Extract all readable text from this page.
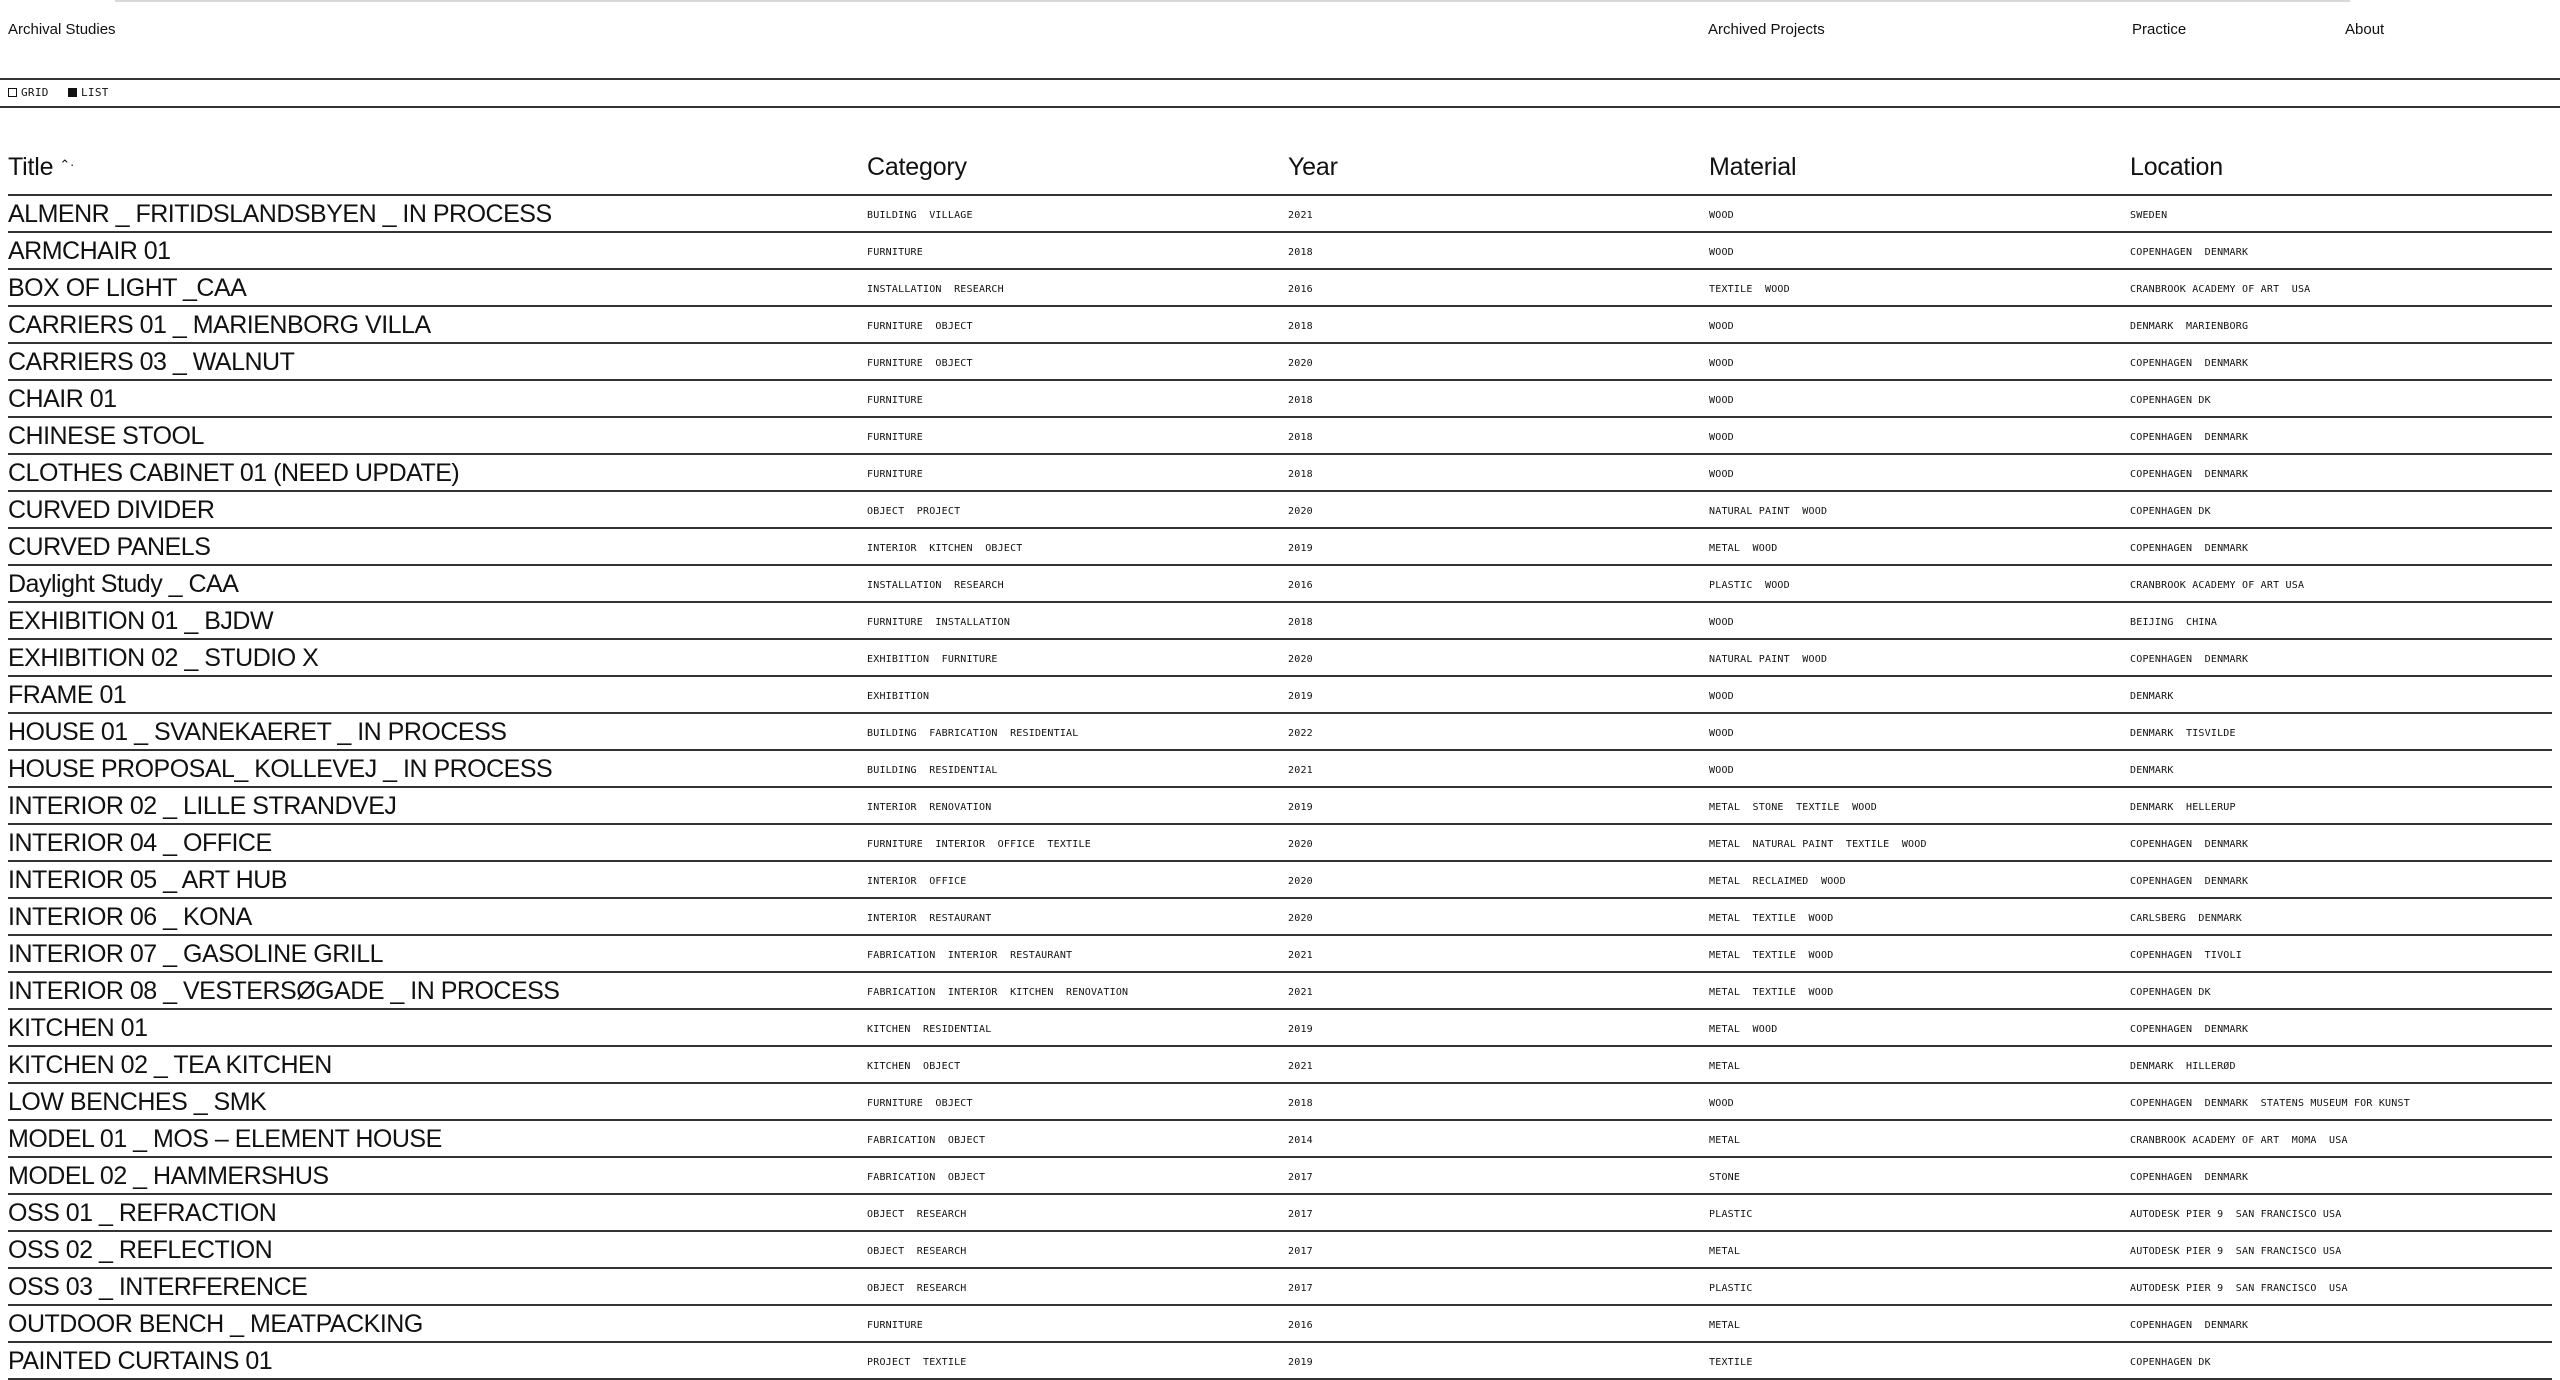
Archival Studies	Archived Projects	Practice	About
GRID	LIST
Title ⌃·	Category	Year	Material	Location
ALMENR _ FRITIDSLANDSBYEN _ IN PROCESS	BUILDING  VILLAGE	2021	WOOD	SWEDEN
ARMCHAIR 01	FURNITURE	2018	WOOD	COPENHAGEN  DENMARK
BOX OF LIGHT _CAA	INSTALLATION  RESEARCH	2016	TEXTILE  WOOD	CRANBROOK ACADEMY OF ART  USA
CARRIERS 01 _ MARIENBORG VILLA	FURNITURE  OBJECT	2018	WOOD	DENMARK  MARIENBORG
CARRIERS 03 _ WALNUT	FURNITURE  OBJECT	2020	WOOD	COPENHAGEN  DENMARK
CHAIR 01	FURNITURE	2018	WOOD	COPENHAGEN DK
CHINESE STOOL	FURNITURE	2018	WOOD	COPENHAGEN  DENMARK
CLOTHES CABINET 01 (NEED UPDATE)	FURNITURE	2018	WOOD	COPENHAGEN  DENMARK
CURVED DIVIDER	OBJECT  PROJECT	2020	NATURAL PAINT  WOOD	COPENHAGEN DK
CURVED PANELS	INTERIOR  KITCHEN  OBJECT	2019	METAL  WOOD	COPENHAGEN  DENMARK
Daylight Study _ CAA	INSTALLATION  RESEARCH	2016	PLASTIC  WOOD	CRANBROOK ACADEMY OF ART USA
EXHIBITION 01 _ BJDW	FURNITURE  INSTALLATION	2018	WOOD	BEIJING  CHINA
EXHIBITION 02 _ STUDIO X	EXHIBITION  FURNITURE	2020	NATURAL PAINT  WOOD	COPENHAGEN  DENMARK
FRAME 01	EXHIBITION	2019	WOOD	DENMARK
HOUSE 01 _ SVANEKAERET _ IN PROCESS	BUILDING  FABRICATION  RESIDENTIAL	2022	WOOD	DENMARK  TISVILDE
HOUSE PROPOSAL_ KOLLEVEJ _ IN PROCESS	BUILDING  RESIDENTIAL	2021	WOOD	DENMARK
INTERIOR 02 _ LILLE STRANDVEJ	INTERIOR  RENOVATION	2019	METAL  STONE  TEXTILE  WOOD	DENMARK  HELLERUP
INTERIOR 04 _ OFFICE	FURNITURE  INTERIOR  OFFICE  TEXTILE	2020	METAL  NATURAL PAINT  TEXTILE  WOOD	COPENHAGEN  DENMARK
INTERIOR 05 _ ART HUB	INTERIOR  OFFICE	2020	METAL  RECLAIMED  WOOD	COPENHAGEN  DENMARK
INTERIOR 06 _ KONA	INTERIOR  RESTAURANT	2020	METAL  TEXTILE  WOOD	CARLSBERG  DENMARK
INTERIOR 07 _ GASOLINE GRILL	FABRICATION  INTERIOR  RESTAURANT	2021	METAL  TEXTILE  WOOD	COPENHAGEN  TIVOLI
INTERIOR 08 _ VESTERSØGADE _ IN PROCESS	FABRICATION  INTERIOR  KITCHEN  RENOVATION	2021	METAL  TEXTILE  WOOD	COPENHAGEN DK
KITCHEN 01	KITCHEN  RESIDENTIAL	2019	METAL  WOOD	COPENHAGEN  DENMARK
KITCHEN 02 _ TEA KITCHEN	KITCHEN  OBJECT	2021	METAL	DENMARK  HILLERØD
LOW BENCHES _ SMK	FURNITURE  OBJECT	2018	WOOD	COPENHAGEN  DENMARK  STATENS MUSEUM FOR KUNST
MODEL 01 _ MOS – ELEMENT HOUSE	FABRICATION  OBJECT	2014	METAL	CRANBROOK ACADEMY OF ART  MOMA  USA
MODEL 02 _ HAMMERSHUS	FABRICATION  OBJECT	2017	STONE	COPENHAGEN  DENMARK
OSS 01 _ REFRACTION	OBJECT  RESEARCH	2017	PLASTIC	AUTODESK PIER 9  SAN FRANCISCO USA
OSS 02 _ REFLECTION	OBJECT  RESEARCH	2017	METAL	AUTODESK PIER 9  SAN FRANCISCO USA
OSS 03 _ INTERFERENCE	OBJECT  RESEARCH	2017	PLASTIC	AUTODESK PIER 9  SAN FRANCISCO  USA
OUTDOOR BENCH _ MEATPACKING	FURNITURE	2016	METAL	COPENHAGEN  DENMARK
PAINTED CURTAINS 01	PROJECT  TEXTILE	2019	TEXTILE	COPENHAGEN DK
